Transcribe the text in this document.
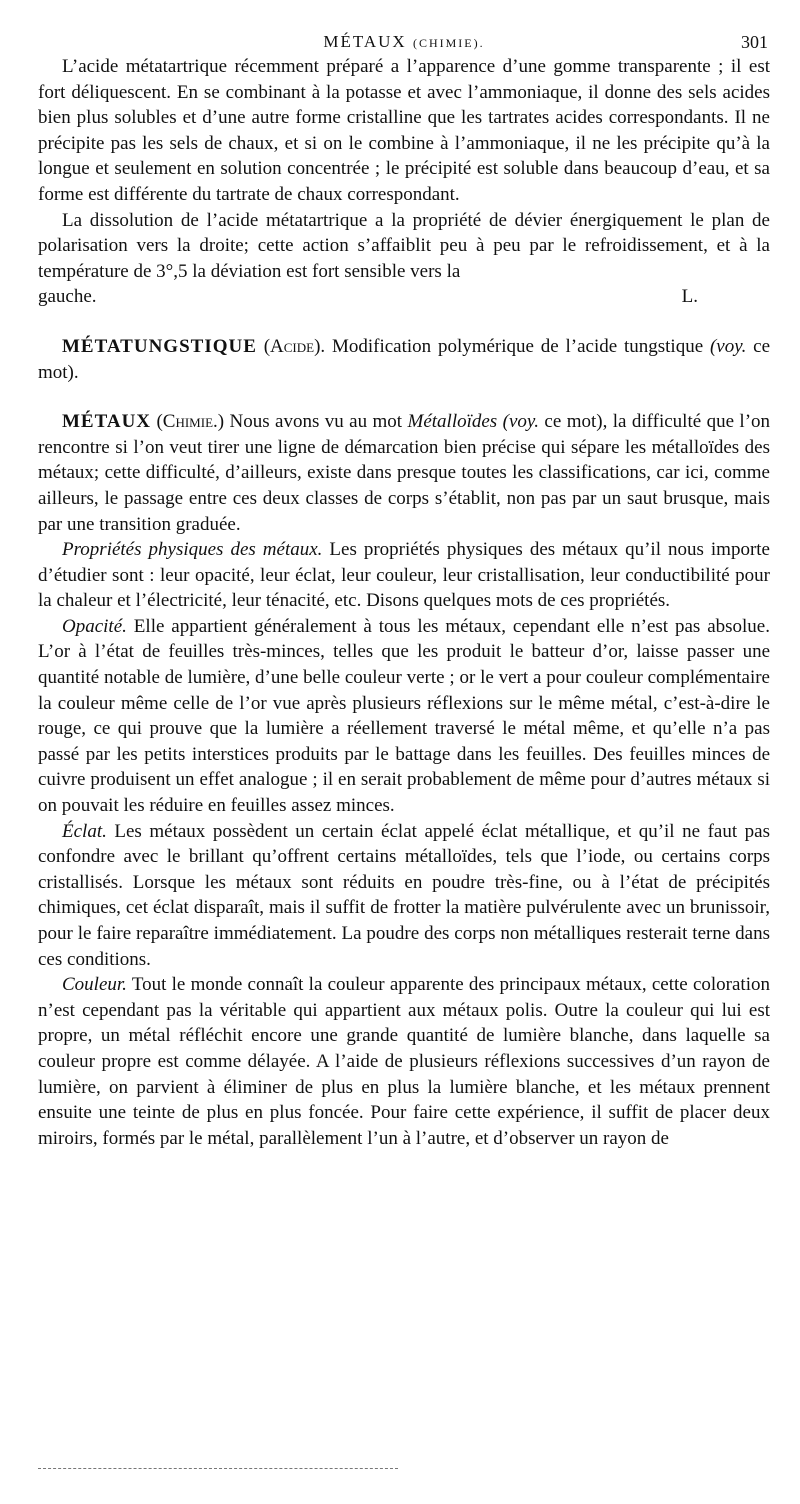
MÉTAUX (CHIMIE).	301

L’acide métatartrique récemment préparé a l’apparence d’une gomme transparente ; il est fort déliquescent. En se combinant à la potasse et avec l’ammoniaque, il donne des sels acides bien plus solubles et d’une autre forme cristalline que les tartrates acides correspondants. Il ne précipite pas les sels de chaux, et si on le combine à l’ammoniaque, il ne les précipite qu’à la longue et seulement en solution concentrée ; le précipité est soluble dans beaucoup d’eau, et sa forme est différente du tartrate de chaux correspondant.

La dissolution de l’acide métatartrique a la propriété de dévier énergiquement le plan de polarisation vers la droite; cette action s’affaiblit peu à peu par le refroidissement, et à la température de 3°,5 la déviation est fort sensible vers la

gauche.	L.

MÉTATUNGSTIQUE (Acide). Modification polymérique de l’acide tungstique (voy. ce mot).

MÉTAUX (Chimie.) Nous avons vu au mot Métalloïdes (voy. ce mot), la difficulté que l’on rencontre si l’on veut tirer une ligne de démarcation bien précise qui sépare les métalloïdes des métaux; cette difficulté, d’ailleurs, existe dans presque toutes les classifications, car ici, comme ailleurs, le passage entre ces deux classes de corps s’établit, non pas par un saut brusque, mais par une transition graduée.

Propriétés physiques des métaux. Les propriétés physiques des métaux qu’il nous importe d’étudier sont : leur opacité, leur éclat, leur couleur, leur cristallisation, leur conductibilité pour la chaleur et l’électricité, leur ténacité, etc. Disons quelques mots de ces propriétés.

Opacité. Elle appartient généralement à tous les métaux, cependant elle n’est pas absolue. L’or à l’état de feuilles très-minces, telles que les produit le batteur d’or, laisse passer une quantité notable de lumière, d’une belle couleur verte ; or le vert a pour couleur complémentaire la couleur même celle de l’or vue après plusieurs réflexions sur le même métal, c’est-à-dire le rouge, ce qui prouve que la lumière a réellement traversé le métal même, et qu’elle n’a pas passé par les petits interstices produits par le battage dans les feuilles. Des feuilles minces de cuivre produisent un effet analogue ; il en serait probablement de même pour d’autres métaux si on pouvait les réduire en feuilles assez minces.

Éclat. Les métaux possèdent un certain éclat appelé éclat métallique, et qu’il ne faut pas confondre avec le brillant qu’offrent certains métalloïdes, tels que l’iode, ou certains corps cristallisés. Lorsque les métaux sont réduits en poudre très-fine, ou à l’état de précipités chimiques, cet éclat disparaît, mais il suffit de frotter la matière pulvérulente avec un brunissoir, pour le faire reparaître immédiatement. La poudre des corps non métalliques resterait terne dans ces conditions.

Couleur. Tout le monde connaît la couleur apparente des principaux métaux, cette coloration n’est cependant pas la véritable qui appartient aux métaux polis. Outre la couleur qui lui est propre, un métal réfléchit encore une grande quantité de lumière blanche, dans laquelle sa couleur propre est comme délayée. A l’aide de plusieurs réflexions successives d’un rayon de lumière, on parvient à éliminer de plus en plus la lumière blanche, et les métaux prennent ensuite une teinte de plus en plus foncée. Pour faire cette expérience, il suffit de placer deux miroirs, formés par le métal, parallèlement l’un à l’autre, et d’observer un rayon de
